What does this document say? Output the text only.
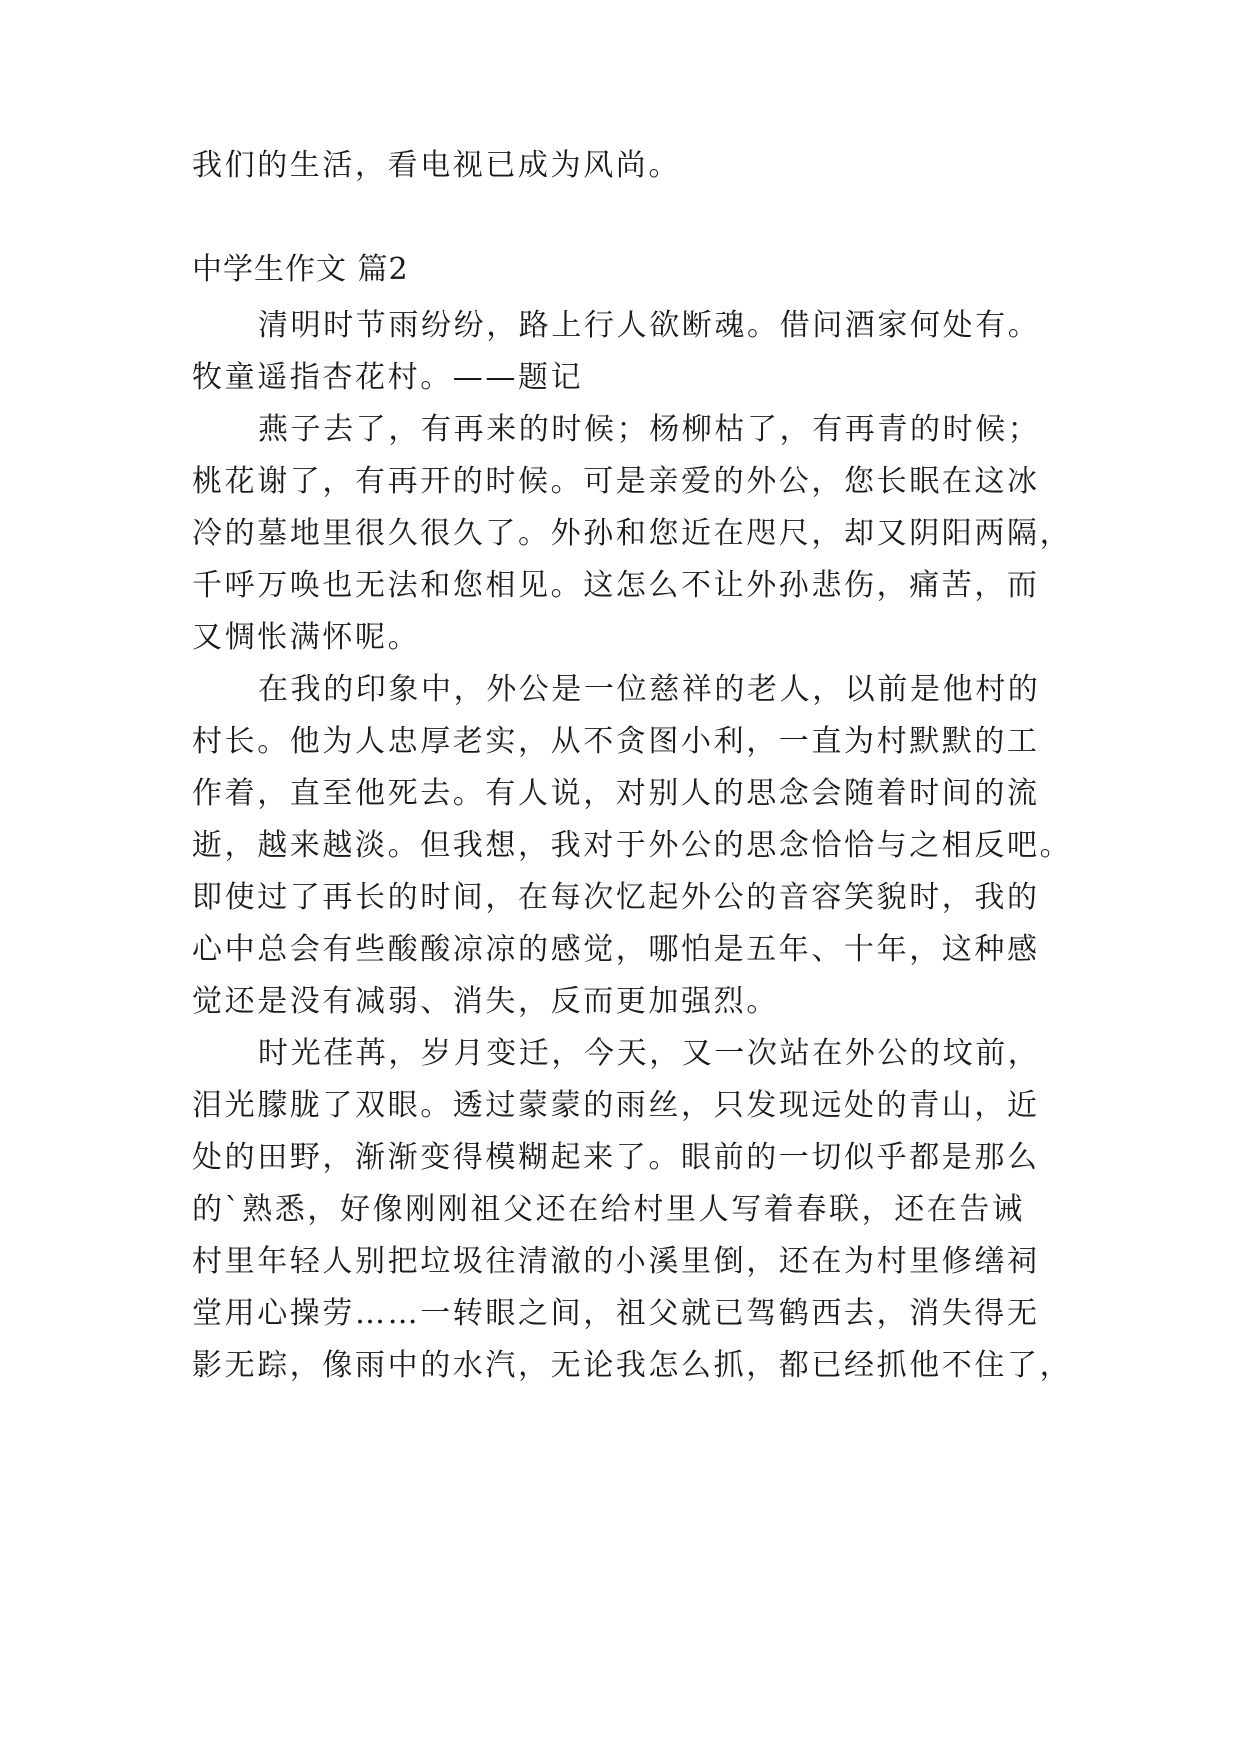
我们的生活，看电视已成为风尚。
中学生作文 篇2
清明时节雨纷纷，路上行人欲断魂。借问酒家何处有。
牧童遥指杏花村。——题记
燕子去了，有再来的时候；杨柳枯了，有再青的时候；
桃花谢了，有再开的时候。可是亲爱的外公，您长眠在这冰
冷的墓地里很久很久了。外孙和您近在咫尺，却又阴阳两隔，
千呼万唤也无法和您相见。这怎么不让外孙悲伤，痛苦，而
又惆怅满怀呢。
在我的印象中，外公是一位慈祥的老人，以前是他村的
村长。他为人忠厚老实，从不贪图小利，一直为村默默的工
作着，直至他死去。有人说，对别人的思念会随着时间的流
逝，越来越淡。但我想，我对于外公的思念恰恰与之相反吧。
即使过了再长的时间，在每次忆起外公的音容笑貌时，我的
心中总会有些酸酸凉凉的感觉，哪怕是五年、十年，这种感
觉还是没有减弱、消失，反而更加强烈。
时光荏苒，岁月变迁，今天，又一次站在外公的坟前，
泪光朦胧了双眼。透过蒙蒙的雨丝，只发现远处的青山，近
处的田野，渐渐变得模糊起来了。眼前的一切似乎都是那么
的`熟悉，好像刚刚祖父还在给村里人写着春联，还在告诫
村里年轻人别把垃圾往清澈的小溪里倒，还在为村里修缮祠
堂用心操劳……一转眼之间，祖父就已驾鹤西去，消失得无
影无踪，像雨中的水汽，无论我怎么抓，都已经抓他不住了，
